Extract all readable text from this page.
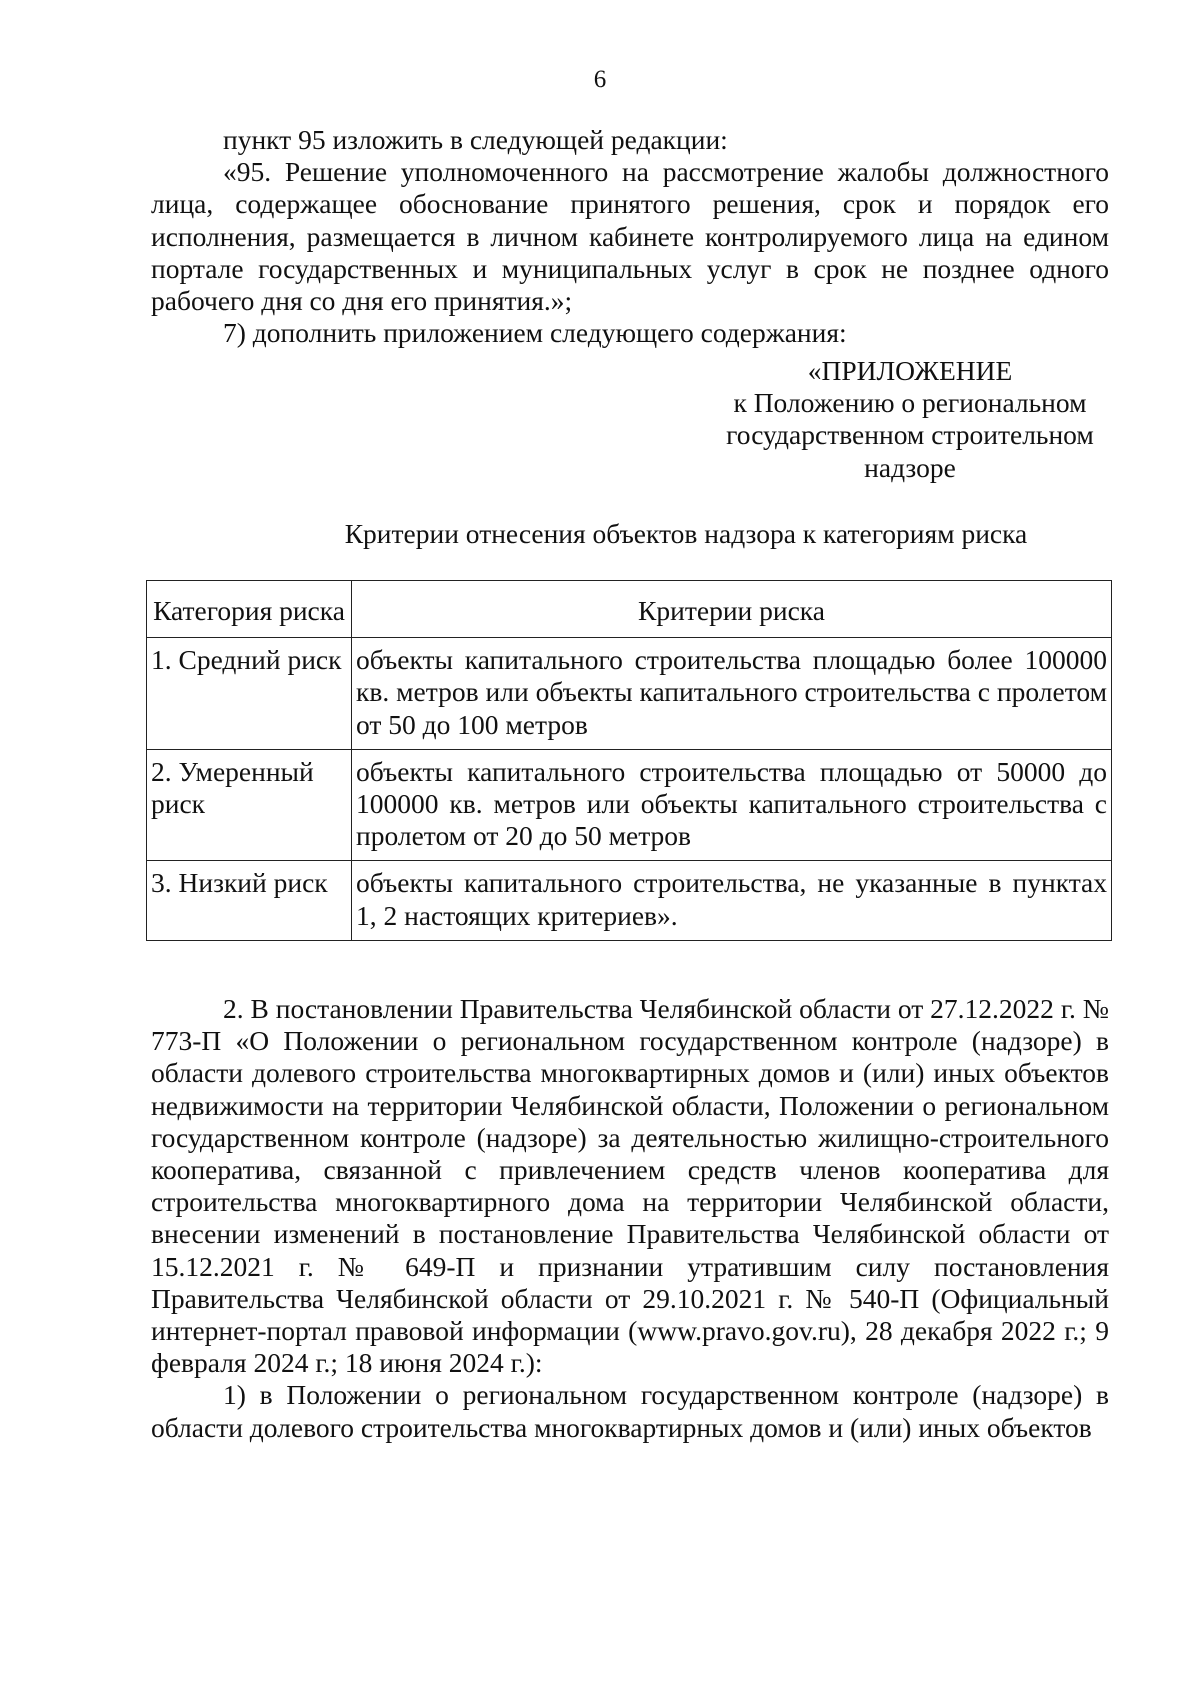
6

пункт 95 изложить в следующей редакции:

«95. Решение уполномоченного на рассмотрение жалобы должностного лица, содержащее обоснование принятого решения, срок и порядок его исполнения, размещается в личном кабинете контролируемого лица на едином портале государственных и муниципальных услуг в срок не позднее одного рабочего дня со дня его принятия.»;

7) дополнить приложением следующего содержания:

«ПРИЛОЖЕНИЕ
к Положению о региональном
государственном строительном
надзоре
Критерии отнесения объектов надзора к категориям риска
Категория риска	Критерии риска
1. Средний риск	объекты капитального строительства площадью более 100000 кв. метров или объекты капитального строительства с пролетом от 50 до 100 метров
2. Умеренный риск	объекты капитального строительства площадью от 50000 до 100000 кв. метров или объекты капитального строительства с пролетом от 20 до 50 метров
3. Низкий риск	объекты капитального строительства, не указанные в пунктах 1, 2 настоящих критериев».

2. В постановлении Правительства Челябинской области от 27.12.2022 г. № 773-П «О Положении о региональном государственном контроле (надзоре) в области долевого строительства многоквартирных домов и (или) иных объектов недвижимости на территории Челябинской области, Положении о региональном государственном контроле (надзоре) за деятельностью жилищно-строительного кооператива, связанной с привлечением средств членов кооператива для строительства многоквартирного дома на территории Челябинской области, внесении изменений в постановление Правительства Челябинской области от 15.12.2021 г. № 649-П и признании утратившим силу постановления Правительства Челябинской области от 29.10.2021 г. № 540-П (Официальный интернет-портал правовой информации (www.pravo.gov.ru), 28 декабря 2022 г.; 9 февраля 2024 г.; 18 июня 2024 г.):

1) в Положении о региональном государственном контроле (надзоре) в области долевого строительства многоквартирных домов и (или) иных объектов
